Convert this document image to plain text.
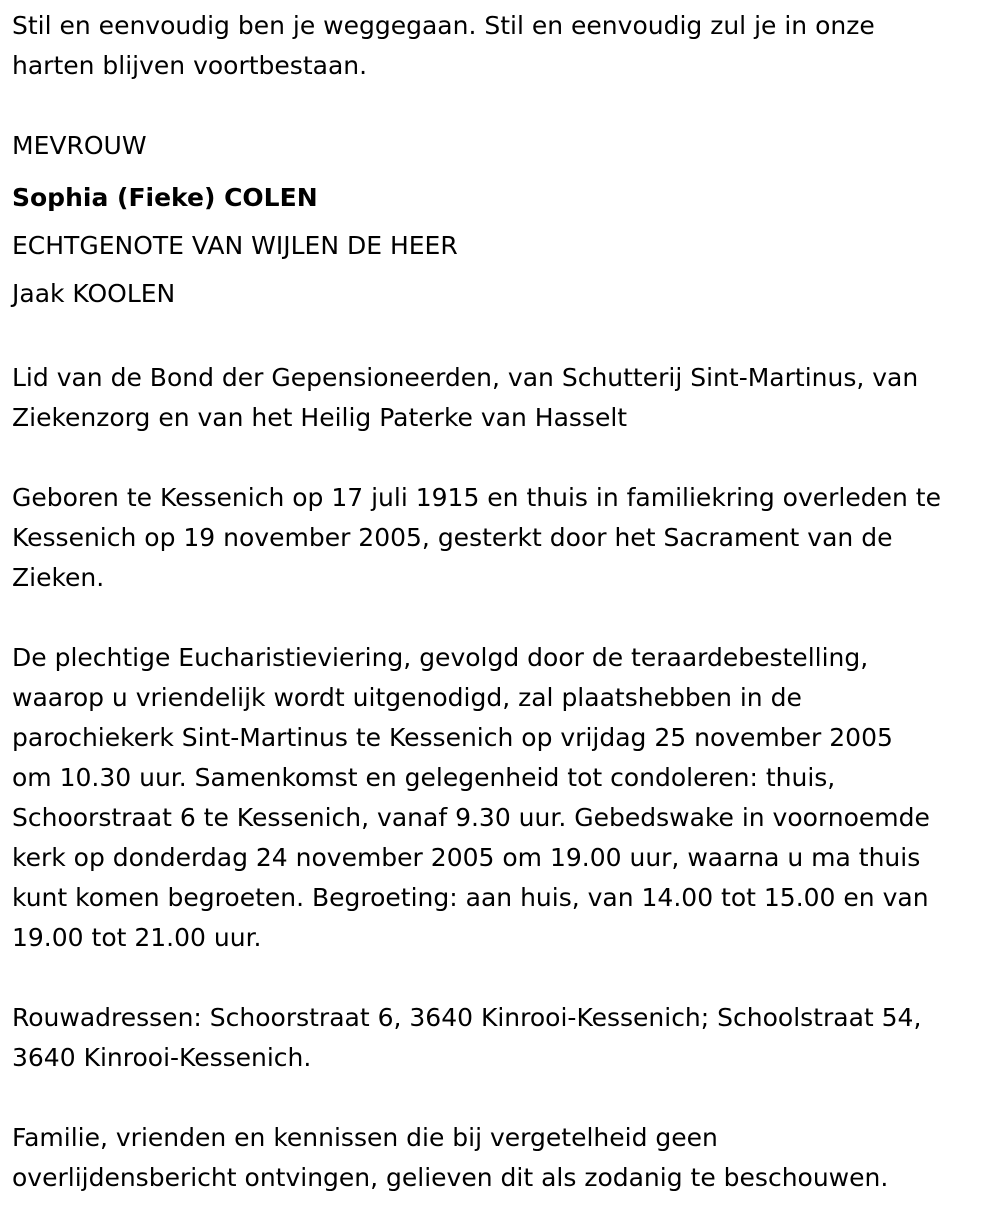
Stil en eenvoudig ben je weggegaan. Stil en eenvoudig zul je in onze
harten blijven voortbestaan.

MEVROUW
Sophia (Fieke) COLEN
ECHTGENOTE VAN WIJLEN DE HEER
Jaak KOOLEN

Lid van de Bond der Gepensioneerden, van Schutterij Sint-Martinus, van
Ziekenzorg en van het Heilig Paterke van Hasselt

Geboren te Kessenich op 17 juli 1915 en thuis in familiekring overleden te
Kessenich op 19 november 2005, gesterkt door het Sacrament van de
Zieken.

De plechtige Eucharistieviering, gevolgd door de teraardebestelling,
waarop u vriendelijk wordt uitgenodigd, zal plaatshebben in de
parochiekerk Sint-Martinus te Kessenich op vrijdag 25 november 2005
om 10.30 uur. Samenkomst en gelegenheid tot condoleren: thuis,
Schoorstraat 6 te Kessenich, vanaf 9.30 uur. Gebedswake in voornoemde
kerk op donderdag 24 november 2005 om 19.00 uur, waarna u ma thuis
kunt komen begroeten. Begroeting: aan huis, van 14.00 tot 15.00 en van
19.00 tot 21.00 uur.

Rouwadressen: Schoorstraat 6, 3640 Kinrooi-Kessenich; Schoolstraat 54,
3640 Kinrooi-Kessenich.

Familie, vrienden en kennissen die bij vergetelheid geen
overlijdensbericht ontvingen, gelieven dit als zodanig te beschouwen.
